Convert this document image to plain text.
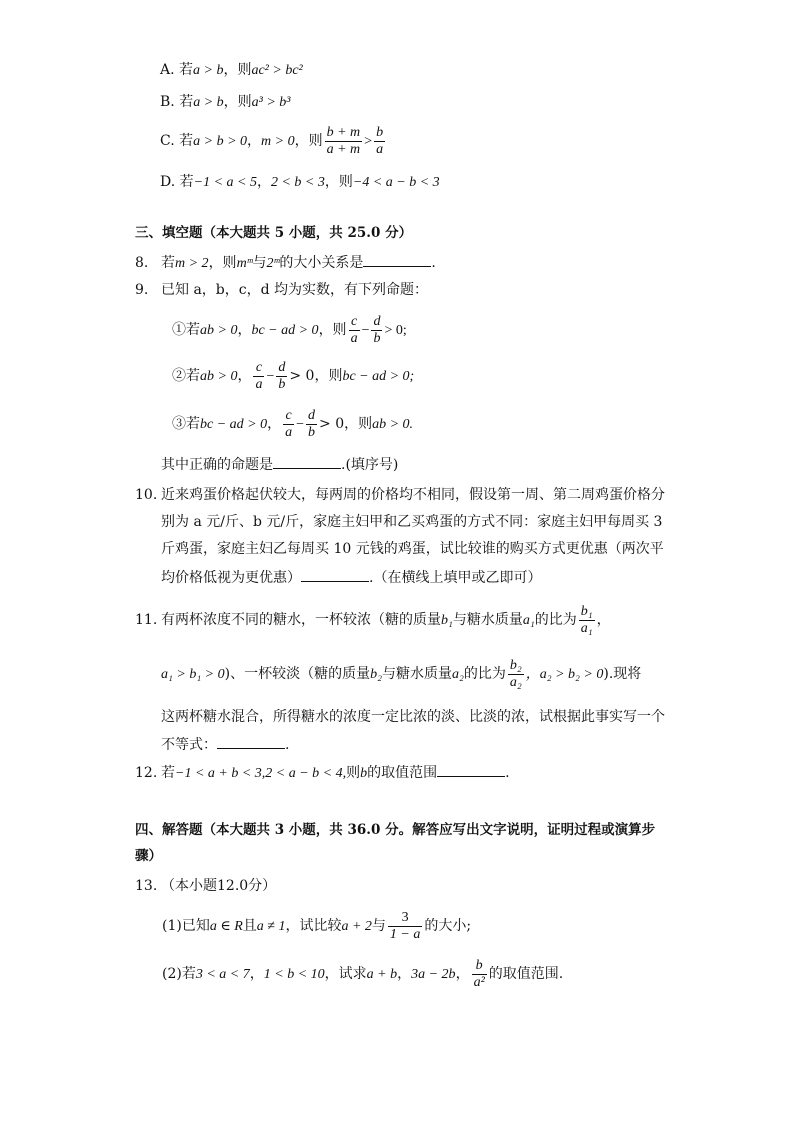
A. 若a > b，则ac² > bc²
B. 若a > b，则a³ > b³
C. 若a > b > 0，m > 0，则 $\frac{b + m}{a + m} > \frac{b}{a}$
D. 若−1 < a < 5，2 < b < 3，则−4 < a − b < 3
三、填空题（本大题共 5 小题，共 25.0 分）
8. 若m > 2，则mᵐ与2ᵐ的大小关系是	.
9. 已知 a，b，c，d 均为实数，有下列命题：
①若ab > 0，bc − ad > 0，则 $\frac{c}{a} - \frac{d}{b} > 0$;
②若ab > 0， $\frac{c}{a} - \frac{d}{b} > 0$，则bc − ad > 0;
③若bc − ad > 0， $\frac{c}{a} - \frac{d}{b} > 0$，则ab > 0.
其中正确的命题是	.(填序号)
10. 近来鸡蛋价格起伏较大，每两周的价格均不相同，假设第一周、第二周鸡蛋价格分
别为 a 元/斤、b 元/斤，家庭主妇甲和乙买鸡蛋的方式不同：家庭主妇甲每周买 3
斤鸡蛋，家庭主妇乙每周买 10 元钱的鸡蛋，试比较谁的购买方式更优惠（两次平
均价格低视为更优惠）	.（在横线上填甲或乙即可）
11. 有两杯浓度不同的糖水，一杯较浓（糖的质量b₁与糖水质量a₁的比为 $\frac{\text{b₁}}{\text{a₁}}$ ，
a₁ > b₁ > 0)、一杯较淡（糖的质量b₂与糖水质量a₂的比为 $\frac{\text{b₂}}{\text{a₂}}$ ，a₂ > b₂ > 0).现将
这两杯糖水混合，所得糖水的浓度一定比浓的淡、比淡的浓，试根据此事实写一个
不等式：	.
12. 若−1 < a + b < 3,2 < a − b < 4,则b的取值范围	.
四、解答题（本大题共 3 小题，共 36.0 分。解答应写出文字说明，证明过程或演算步
骤）
13. （本小题12.0分）
(1)已知a ∈ R且a ≠ 1，试比较a + 2与 $\frac{3}{1 - a}$ 的大小;
(2)若3 < a < 7，1 < b < 10，试求a + b，3a − 2b， $\frac{b}{\text{a²}}$ 的取值范围.
